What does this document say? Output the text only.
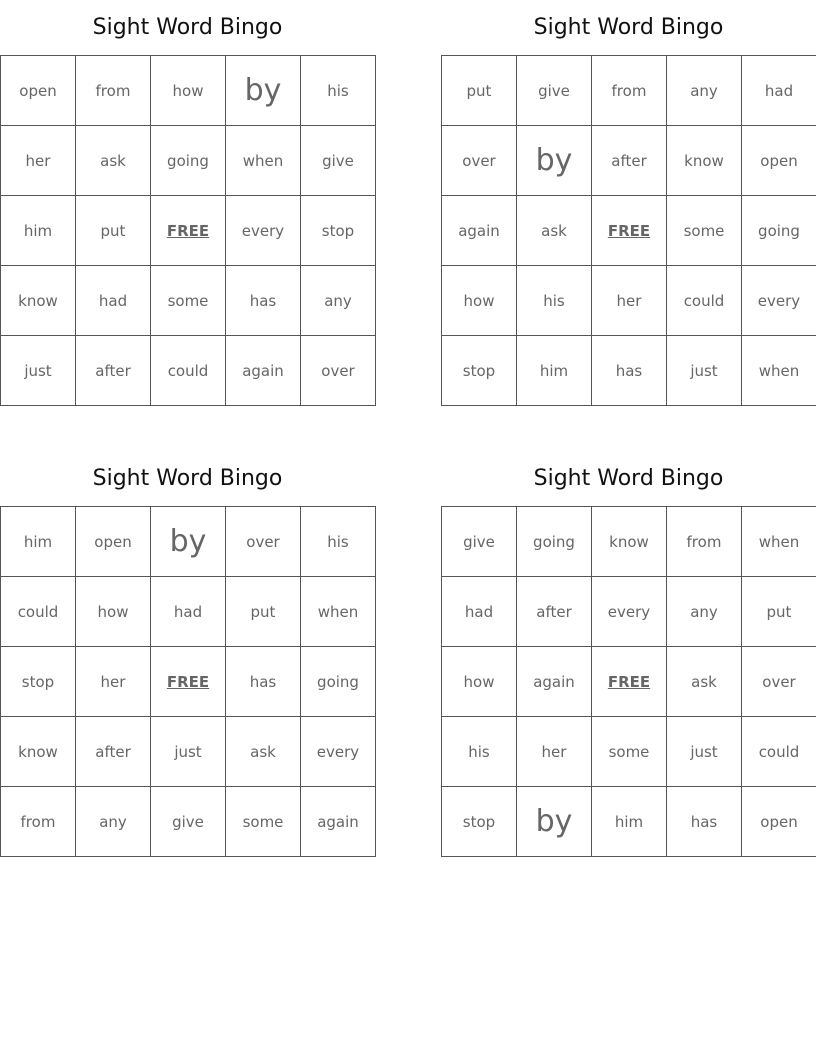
Sight Word Bingo
open	from	how	by	his
her	ask	going	when	give
him	put	FREE	every	stop
know	had	some	has	any
just	after	could	again	over
Sight Word Bingo
put	give	from	any	had
over	by	after	know	open
again	ask	FREE	some	going
how	his	her	could	every
stop	him	has	just	when
Sight Word Bingo
him	open	by	over	his
could	how	had	put	when
stop	her	FREE	has	going
know	after	just	ask	every
from	any	give	some	again
Sight Word Bingo
give	going	know	from	when
had	after	every	any	put
how	again	FREE	ask	over
his	her	some	just	could
stop	by	him	has	open
